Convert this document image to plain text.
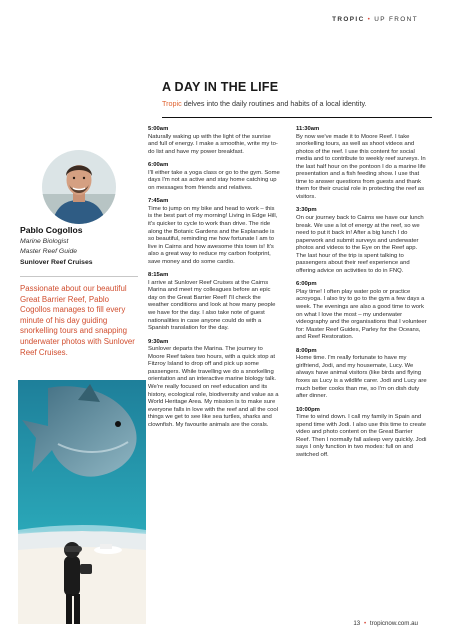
TROPIC • UP FRONT
A DAY IN THE LIFE
Tropic delves into the daily routines and habits of a local identity.
Pablo Cogollos
Marine Biologist
Master Reef Guide
Sunlover Reef Cruises
Passionate about our beautiful Great Barrier Reef, Pablo Cogollos manages to fill every minute of his day guiding snorkelling tours and snapping underwater photos with Sunlover Reef Cruises.
5:00am
Naturally waking up with the light of the sunrise and full of energy. I make a smoothie, write my to-do list and have my power breakfast.
6:00am
I'll either take a yoga class or go to the gym. Some days I'm not as active and stay home catching up on messages from friends and relatives.
7:45am
Time to jump on my bike and head to work – this is the best part of my morning! Living in Edge Hill, it's quicker to cycle to work than drive. The ride along the Botanic Gardens and the Esplanade is so beautiful, reminding me how fortunate I am to live in Cairns and how awesome this town is! It's also a great way to reduce my carbon footprint, save money and do some cardio.
8:15am
I arrive at Sunlover Reef Cruises at the Cairns Marina and meet my colleagues before an epic day on the Great Barrier Reef! I'll check the weather conditions and look at how many people we have for the day. I also take note of guest nationalities in case anyone could do with a Spanish translation for the day.
9:30am
Sunlover departs the Marina. The journey to Moore Reef takes two hours, with a quick stop at Fitzroy Island to drop off and pick up some passengers. While travelling we do a snorkelling orientation and an interactive marine biology talk. We're really focused on reef education and its history, ecological role, biodiversity and value as a World Heritage Area. My mission is to make sure everyone falls in love with the reef and all the cool things we get to see like sea turtles, sharks and clownfish. My favourite animals are the corals.
11:30am
By now we've made it to Moore Reef. I take snorkelling tours, as well as shoot videos and photos of the reef. I use this content for social media and to contribute to weekly reef surveys. In the last half hour on the pontoon I do a marine life presentation and a fish feeding show. I use that time to answer questions from guests and thank them for their crucial role in protecting the reef as visitors.
3:30pm
On our journey back to Cairns we have our lunch break. We use a lot of energy at the reef, so we need to put it back in! After a big lunch I do paperwork and submit surveys and underwater photos and videos to the Eye on the Reef app. The last hour of the trip is spent talking to passengers about their reef experience and offering advice on activities to do in FNQ.
6:00pm
Play time! I often play water polo or practice acroyoga. I also try to go to the gym a few days a week. The evenings are also a good time to work on what I love the most – my underwater videography and the organisations that I volunteer for: Master Reef Guides, Parley for the Oceans, and Reef Restoration.
8:00pm
Home time. I'm really fortunate to have my girlfriend, Jodi, and my housemate, Lucy. We always have animal visitors (like birds and flying foxes as Lucy is a wildlife carer. Jodi and Lucy are much better cooks than me, so I'm on dish duty after dinner.
10:00pm
Time to wind down. I call my family in Spain and spend time with Jodi. I also use this time to create video and photo content on the Great Barrier Reef. Then I normally fall asleep very quickly. Jodi says I only function in two modes: full on and switched off.
13 • tropicnow.com.au
